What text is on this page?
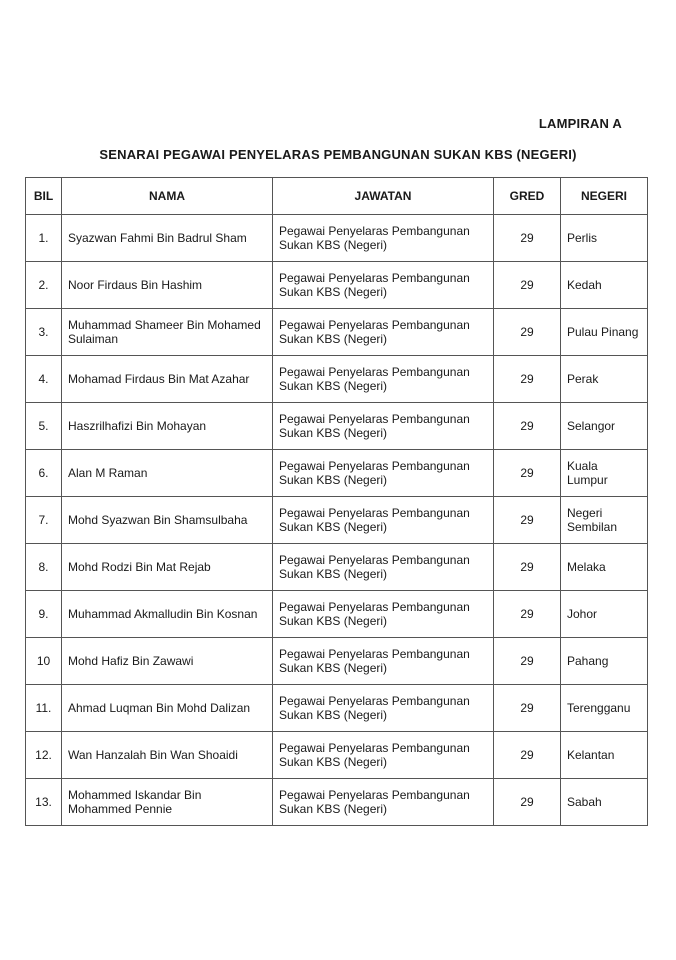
LAMPIRAN A
SENARAI PEGAWAI PENYELARAS PEMBANGUNAN SUKAN KBS (NEGERI)
BIL	NAMA	JAWATAN	GRED	NEGERI
1.	Syazwan Fahmi Bin Badrul Sham	Pegawai Penyelaras Pembangunan Sukan KBS (Negeri)	29	Perlis
2.	Noor Firdaus Bin Hashim	Pegawai Penyelaras Pembangunan Sukan KBS (Negeri)	29	Kedah
3.	Muhammad Shameer Bin Mohamed Sulaiman	Pegawai Penyelaras Pembangunan Sukan KBS (Negeri)	29	Pulau Pinang
4.	Mohamad Firdaus Bin Mat Azahar	Pegawai Penyelaras Pembangunan Sukan KBS (Negeri)	29	Perak
5.	Haszrilhafizi Bin Mohayan	Pegawai Penyelaras Pembangunan Sukan KBS (Negeri)	29	Selangor
6.	Alan M Raman	Pegawai Penyelaras Pembangunan Sukan KBS (Negeri)	29	Kuala Lumpur
7.	Mohd Syazwan Bin Shamsulbaha	Pegawai Penyelaras Pembangunan Sukan KBS (Negeri)	29	Negeri Sembilan
8.	Mohd Rodzi Bin Mat Rejab	Pegawai Penyelaras Pembangunan Sukan KBS (Negeri)	29	Melaka
9.	Muhammad Akmalludin Bin Kosnan	Pegawai Penyelaras Pembangunan Sukan KBS (Negeri)	29	Johor
10	Mohd Hafiz Bin Zawawi	Pegawai Penyelaras Pembangunan Sukan KBS (Negeri)	29	Pahang
11.	Ahmad Luqman Bin Mohd Dalizan	Pegawai Penyelaras Pembangunan Sukan KBS (Negeri)	29	Terengganu
12.	Wan Hanzalah Bin Wan Shoaidi	Pegawai Penyelaras Pembangunan Sukan KBS (Negeri)	29	Kelantan
13.	Mohammed Iskandar Bin Mohammed Pennie	Pegawai Penyelaras Pembangunan Sukan KBS (Negeri)	29	Sabah
